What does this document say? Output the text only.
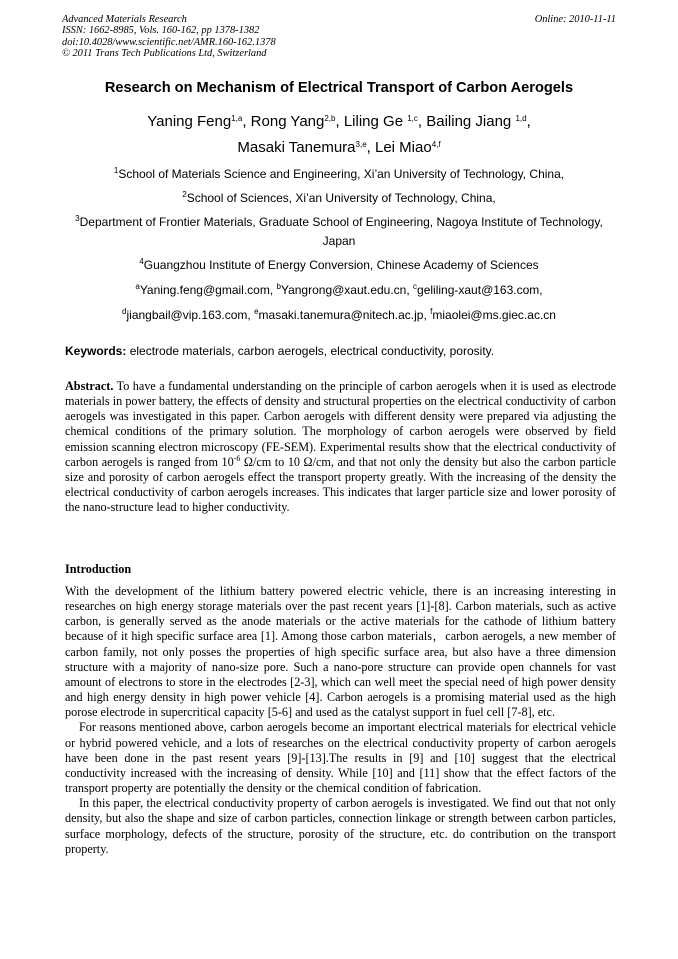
Advanced Materials Research
ISSN: 1662-8985, Vols. 160-162, pp 1378-1382
doi:10.4028/www.scientific.net/AMR.160-162.1378
© 2011 Trans Tech Publications Ltd, Switzerland
Online: 2010-11-11
Research on Mechanism of Electrical Transport of Carbon Aerogels
Yaning Feng$^{1,a}$, Rong Yang$^{2,b}$, Liling Ge $^{1,c}$, Bailing Jiang $^{1,d}$,
Masaki Tanemura$^{3,e}$, Lei Miao$^{4,f}$
$^1$School of Materials Science and Engineering, Xi’an University of Technology, China,
$^2$School of Sciences, Xi’an University of Technology, China,
$^3$Department of Frontier Materials, Graduate School of Engineering, Nagoya Institute of Technology,
Japan
$^4$Guangzhou Institute of Energy Conversion, Chinese Academy of Sciences
$^a$Yaning.feng@gmail.com, $^b$Yangrong@xaut.edu.cn, $^c$geliling-xaut@163.com,
$^d$jiangbail@vip.163.com, $^e$masaki.tanemura@nitech.ac.jp, $^f$miaolei@ms.giec.ac.cn
Keywords: electrode materials, carbon aerogels, electrical conductivity, porosity.

Abstract. To have a fundamental understanding on the principle of carbon aerogels when it is used as electrode materials in power battery, the effects of density and structural properties on the electrical conductivity of carbon aerogels was investigated in this paper. Carbon aerogels with different density were prepared via adjusting the chemical conditions of the primary solution. The morphology of carbon aerogels were observed by field emission scanning electron microscopy (FE-SEM). Experimental results show that the electrical conductivity of carbon aerogels is ranged from $10^{-6}$ Ω/cm to 10 Ω/cm, and that not only the density but also the carbon particle size and porosity of carbon aerogels effect the transport property greatly. With the increasing of the density the electrical conductivity of carbon aerogels increases. This indicates that larger particle size and lower porosity of the nano-structure lead to higher conductivity.

Introduction

With the development of the lithium battery powered electric vehicle, there is an increasing interesting in researches on high energy storage materials over the past recent years [1]-[8]. Carbon materials, such as active carbon, is generally served as the anode materials or the active materials for the cathode of lithium battery because of it high specific surface area [1]. Among those carbon materials，carbon aerogels, a new member of carbon family, not only posses the properties of high specific surface area, but also have a three dimension structure with a majority of nano-size pore. Such a nano-pore structure can provide open channels for vast amount of electrons to store in the electrodes [2-3], which can well meet the special need of high power density and high energy density in high power vehicle [4]. Carbon aerogels is a promising material used as the high porose electrode in supercritical capacity [5-6] and used as the catalyst support in fuel cell [7-8], etc.

For reasons mentioned above, carbon aerogels become an important electrical materials for electrical vehicle or hybrid powered vehicle, and a lots of researches on the electrical conductivity property of carbon aerogels have been done in the past resent years [9]-[13].The results in [9] and [10] suggest that the electrical conductivity increased with the increasing of density. While [10] and [11] show that the effect factors of the transport property are potentially the density or the chemical condition of fabrication.

In this paper, the electrical conductivity property of carbon aerogels is investigated. We find out that not only density, but also the shape and size of carbon particles, connection linkage or strength between carbon particles, surface morphology, defects of the structure, porosity of the structure, etc. do contribution on the transport property.
